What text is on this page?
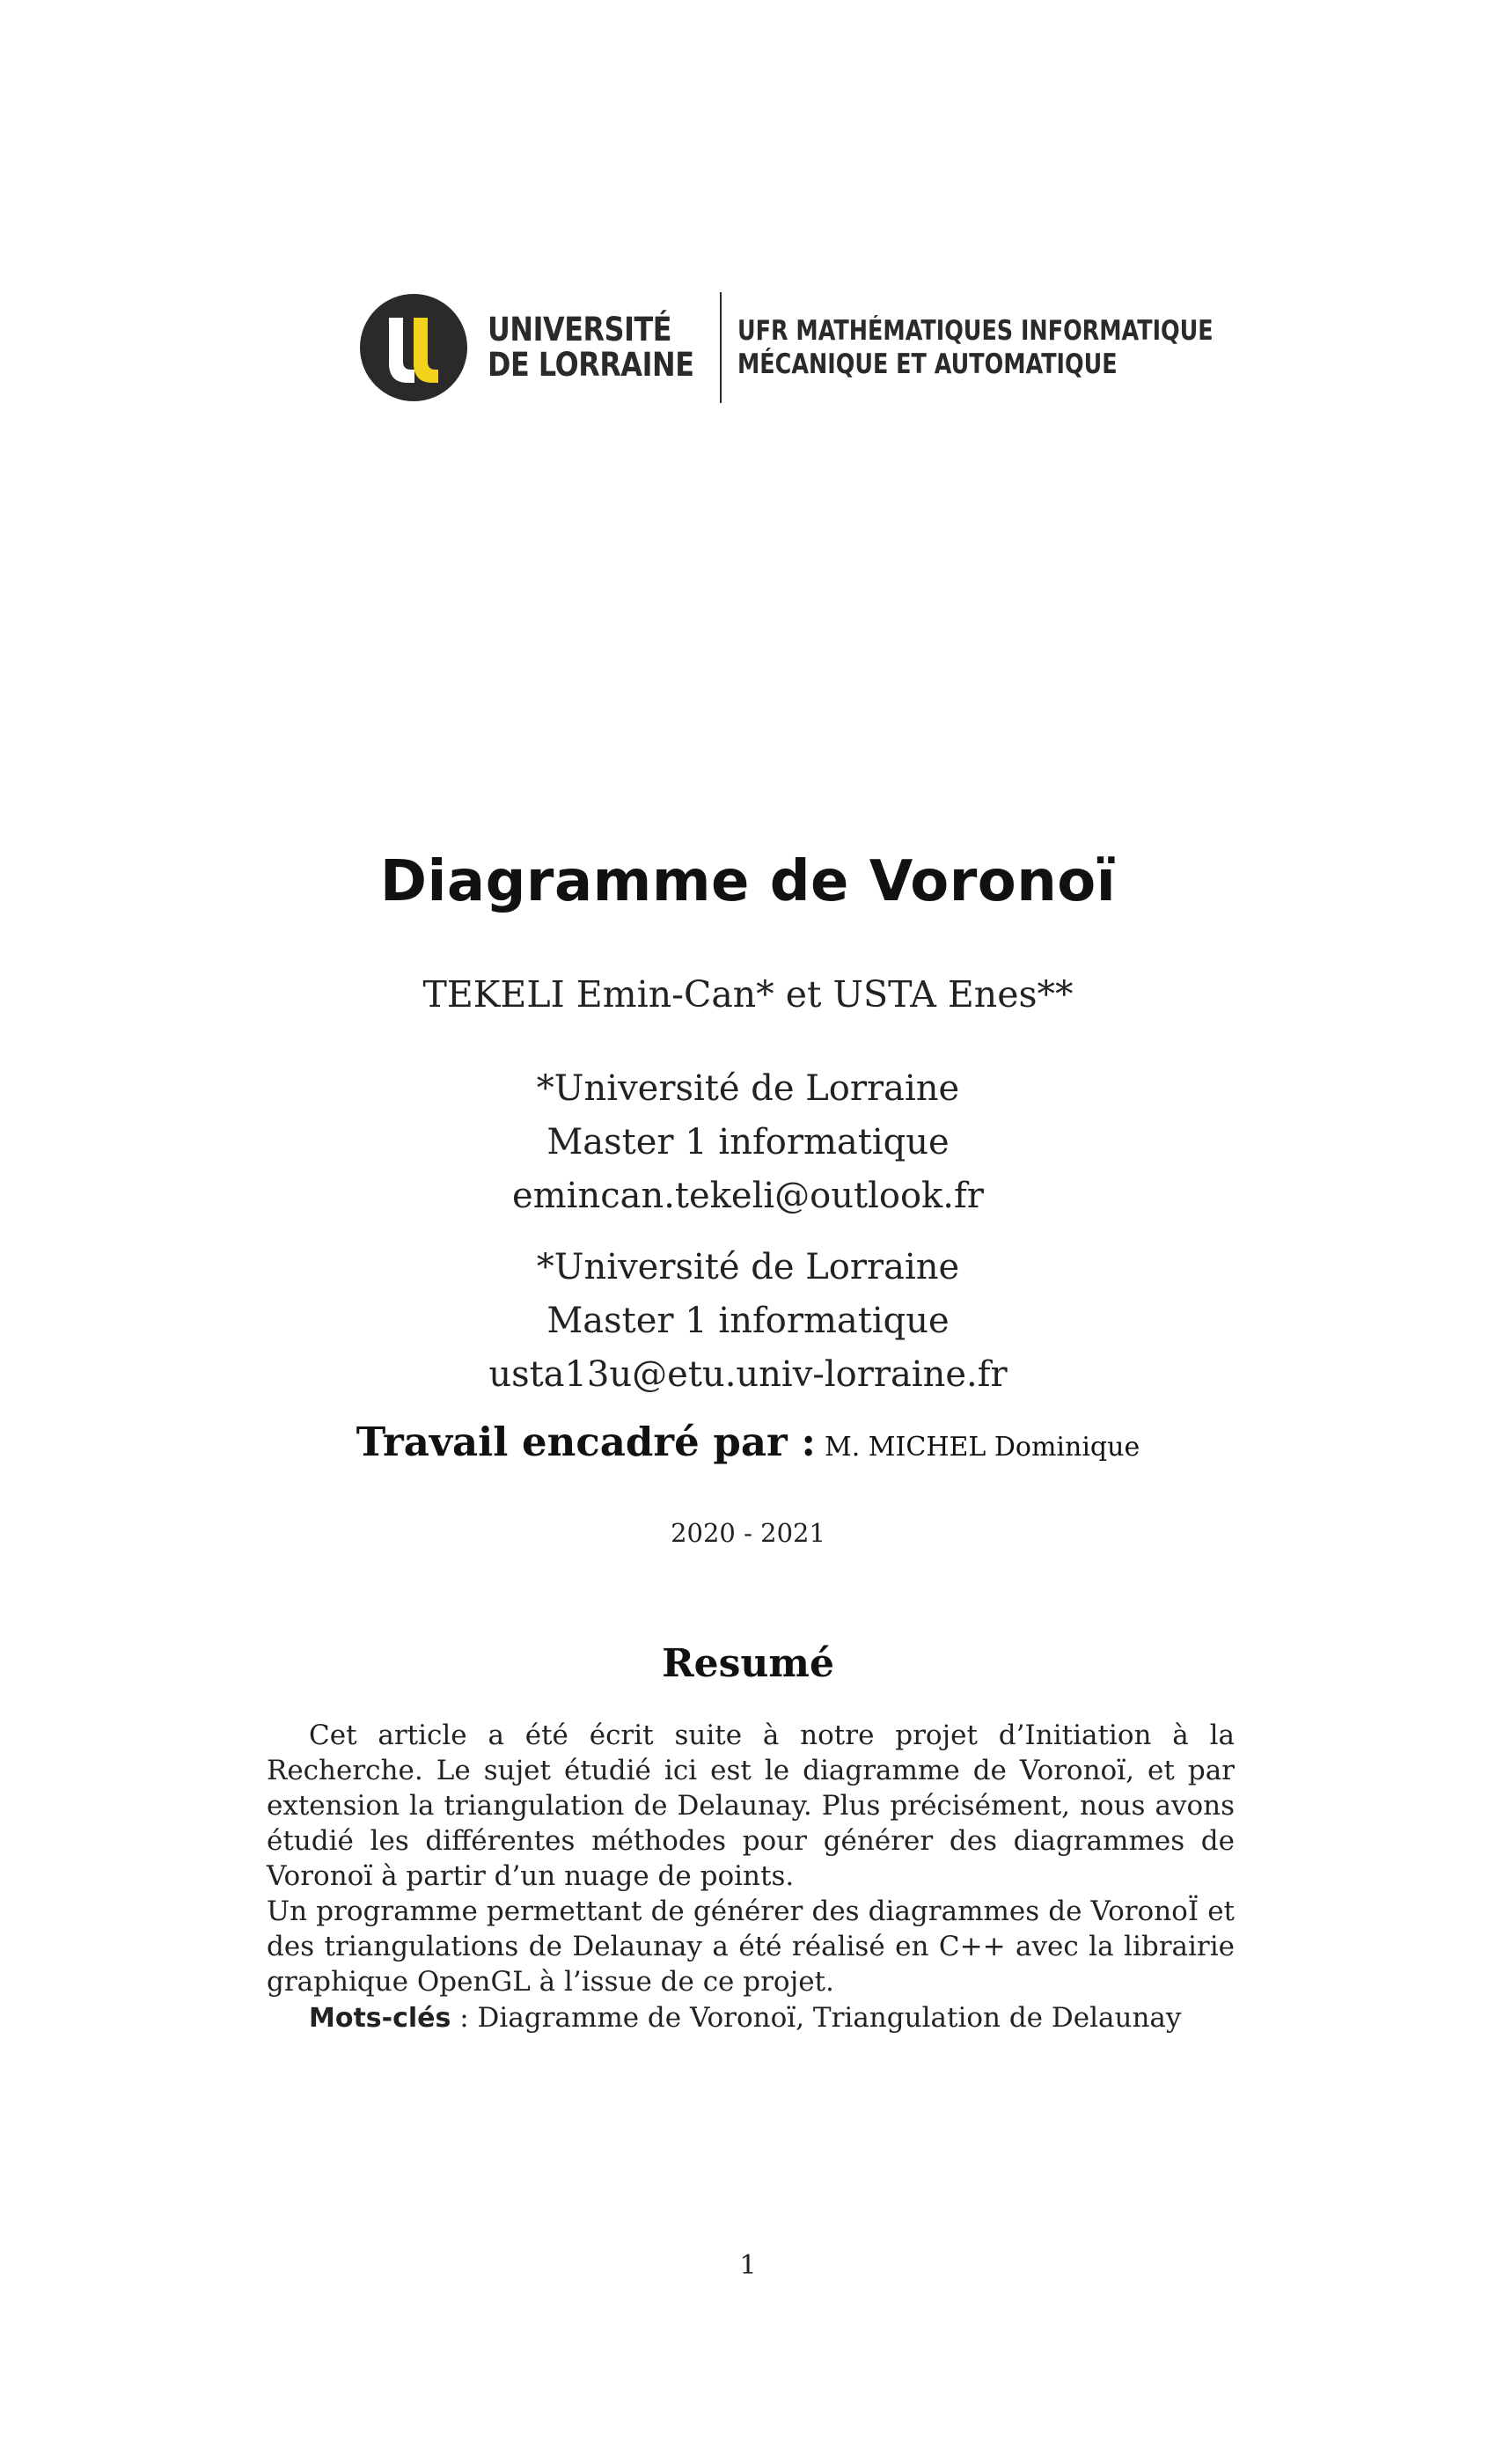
UNIVERSITÉ
DE LORRAINE
UFR MATHÉMATIQUES INFORMATIQUE
MÉCANIQUE ET AUTOMATIQUE
Diagramme de Voronoï
TEKELI Emin-Can* et USTA Enes**
*Université de Lorraine
Master 1 informatique
emincan.tekeli@outlook.fr
*Université de Lorraine
Master 1 informatique
usta13u@etu.univ-lorraine.fr
Travail encadré par : M. MICHEL Dominique
2020 - 2021
Resumé

Cet article a été écrit suite à notre projet d’Initiation à la Recherche. Le sujet étudié ici est le diagramme de Voronoï, et par extension la triangulation de Delaunay. Plus précisément, nous avons étudié les différentes méthodes pour générer des diagrammes de Voronoï à partir d’un nuage de points.

Un programme permettant de générer des diagrammes de VoronoÏ et des triangulations de Delaunay a été réalisé en C++ avec la librairie graphique OpenGL à l’issue de ce projet.

Mots-clés : Diagramme de Voronoï, Triangulation de Delaunay
1
